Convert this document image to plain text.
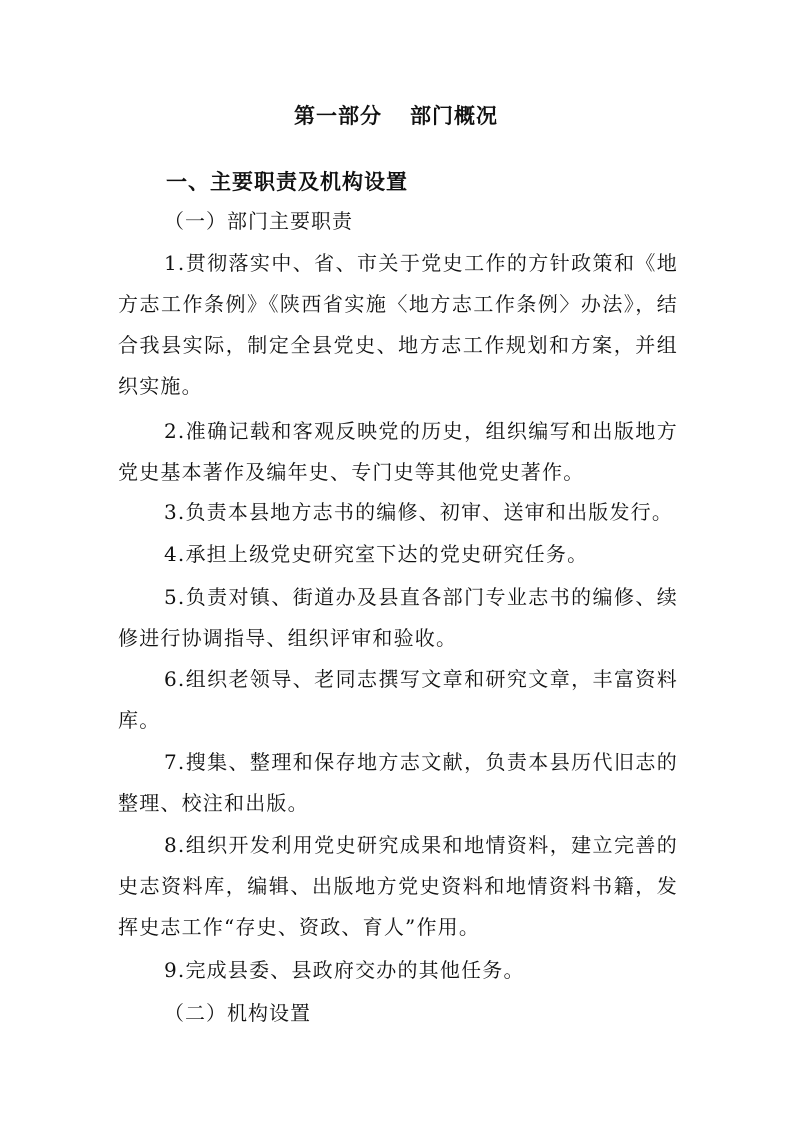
第一部分 部门概况
一、主要职责及机构设置
（一）部门主要职责

1.贯彻落实中、省、市关于党史工作的方针政策和《地方志工作条例》《陕西省实施〈地方志工作条例〉办法》，结合我县实际，制定全县党史、地方志工作规划和方案，并组织实施。

2.准确记载和客观反映党的历史，组织编写和出版地方党史基本著作及编年史、专门史等其他党史著作。

3.负责本县地方志书的编修、初审、送审和出版发行。

4.承担上级党史研究室下达的党史研究任务。

5.负责对镇、街道办及县直各部门专业志书的编修、续修进行协调指导、组织评审和验收。

6.组织老领导、老同志撰写文章和研究文章，丰富资料库。

7.搜集、整理和保存地方志文献，负责本县历代旧志的整理、校注和出版。

8.组织开发利用党史研究成果和地情资料，建立完善的史志资料库，编辑、出版地方党史资料和地情资料书籍，发挥史志工作“存史、资政、育人”作用。

9.完成县委、县政府交办的其他任务。

（二）机构设置
